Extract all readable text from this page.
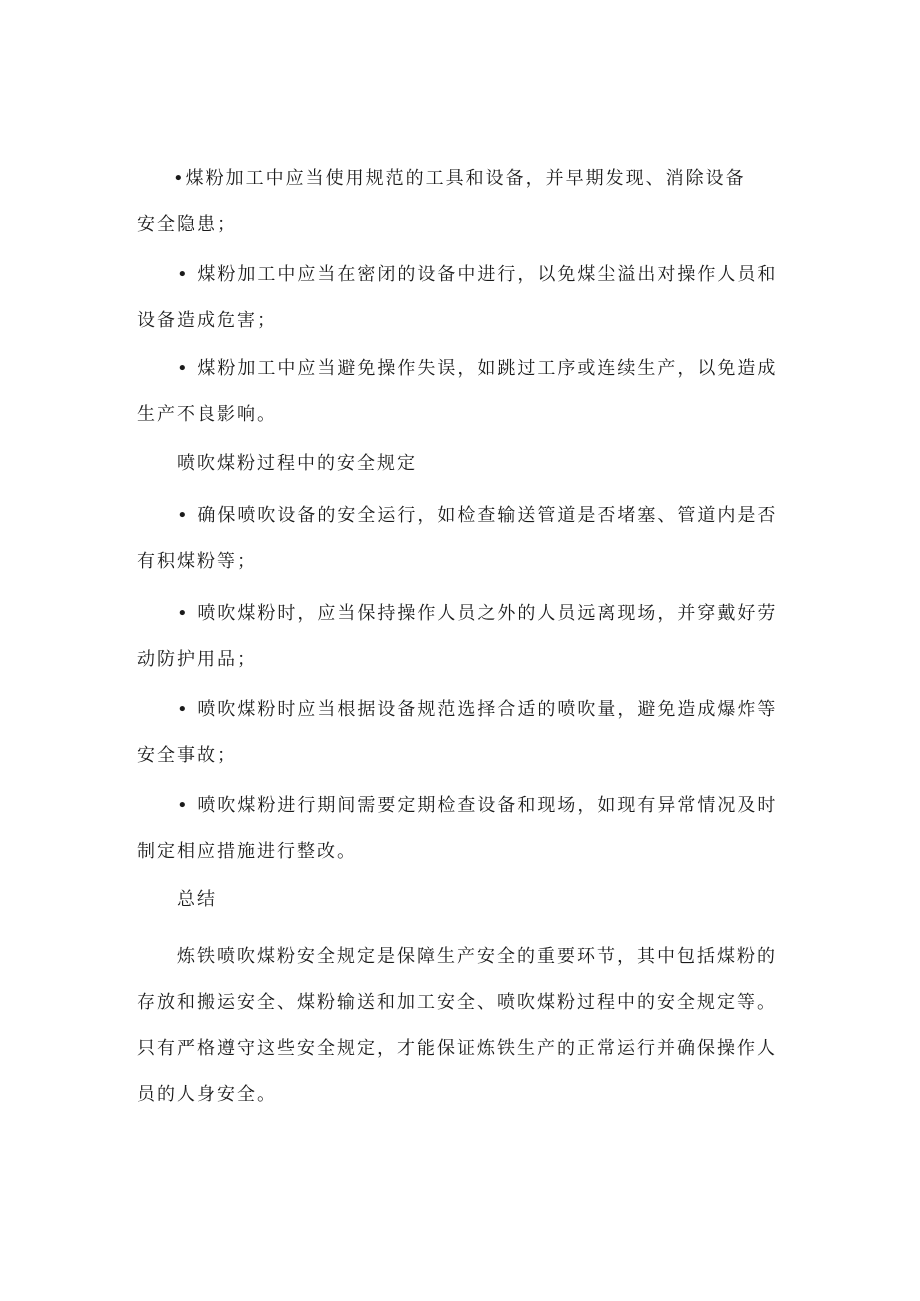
•煤粉加工中应当使用规范的工具和设备，并早期发现、消除设备
安全隐患；
• 煤粉加工中应当在密闭的设备中进行，以免煤尘溢出对操作人员和
设备造成危害；
• 煤粉加工中应当避免操作失误，如跳过工序或连续生产，以免造成
生产不良影响。
喷吹煤粉过程中的安全规定
• 确保喷吹设备的安全运行，如检查输送管道是否堵塞、管道内是否
有积煤粉等；
• 喷吹煤粉时，应当保持操作人员之外的人员远离现场，并穿戴好劳
动防护用品；
• 喷吹煤粉时应当根据设备规范选择合适的喷吹量，避免造成爆炸等
安全事故；
• 喷吹煤粉进行期间需要定期检查设备和现场，如现有异常情况及时
制定相应措施进行整改。
总结
炼铁喷吹煤粉安全规定是保障生产安全的重要环节，其中包括煤粉的
存放和搬运安全、煤粉输送和加工安全、喷吹煤粉过程中的安全规定等。
只有严格遵守这些安全规定，才能保证炼铁生产的正常运行并确保操作人
员的人身安全。
